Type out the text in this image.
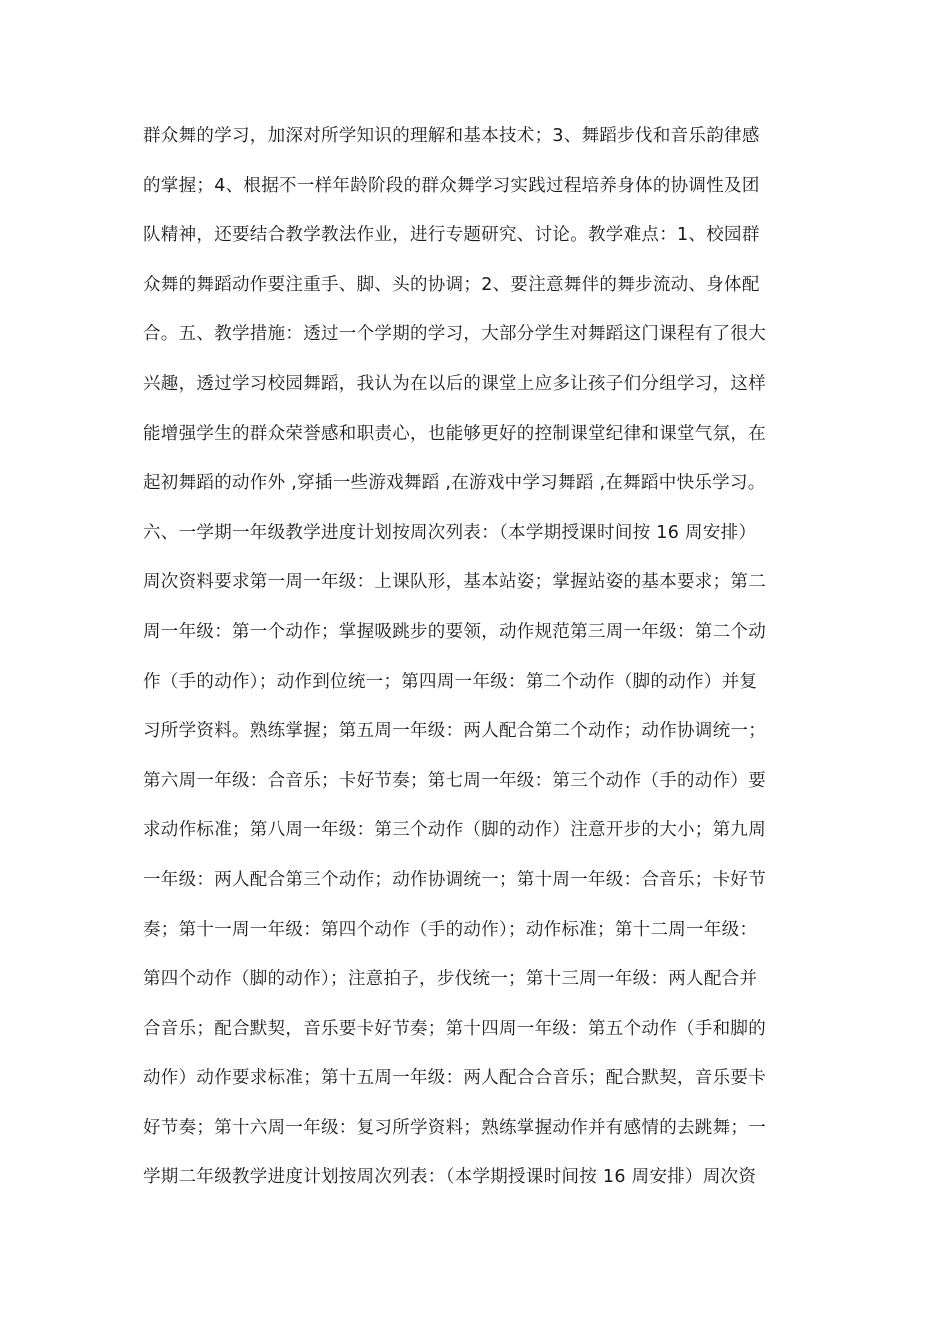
群众舞的学习，加深对所学知识的理解和基本技术；3、舞蹈步伐和音乐韵律感
的掌握；4、根据不一样年龄阶段的群众舞学习实践过程培养身体的协调性及团
队精神，还要结合教学教法作业，进行专题研究、讨论。教学难点：1、校园群
众舞的舞蹈动作要注重手、脚、头的协调；2、要注意舞伴的舞步流动、身体配
合。五、教学措施：透过一个学期的学习，大部分学生对舞蹈这门课程有了很大
兴趣，透过学习校园舞蹈，我认为在以后的课堂上应多让孩子们分组学习，这样
能增强学生的群众荣誉感和职责心，也能够更好的控制课堂纪律和课堂气氛，在
起初舞蹈的动作外 ,穿插一些游戏舞蹈 ,在游戏中学习舞蹈 ,在舞蹈中快乐学习。
六、一学期一年级教学进度计划按周次列表：（本学期授课时间按 16 周安排）
周次资料要求第一周一年级：上课队形，基本站姿；掌握站姿的基本要求；第二
周一年级：第一个动作；掌握吸跳步的要领，动作规范第三周一年级：第二个动
作（手的动作）；动作到位统一；第四周一年级：第二个动作（脚的动作）并复
习所学资料。熟练掌握；第五周一年级：两人配合第二个动作；动作协调统一；
第六周一年级：合音乐；卡好节奏；第七周一年级：第三个动作（手的动作）要
求动作标准；第八周一年级：第三个动作（脚的动作）注意开步的大小；第九周
一年级：两人配合第三个动作；动作协调统一；第十周一年级：合音乐；卡好节
奏；第十一周一年级：第四个动作（手的动作）；动作标准；第十二周一年级：
第四个动作（脚的动作）；注意拍子，步伐统一；第十三周一年级：两人配合并
合音乐；配合默契，音乐要卡好节奏；第十四周一年级：第五个动作（手和脚的
动作）动作要求标准；第十五周一年级：两人配合合音乐；配合默契，音乐要卡
好节奏；第十六周一年级：复习所学资料；熟练掌握动作并有感情的去跳舞；一
学期二年级教学进度计划按周次列表：（本学期授课时间按 16 周安排）周次资
